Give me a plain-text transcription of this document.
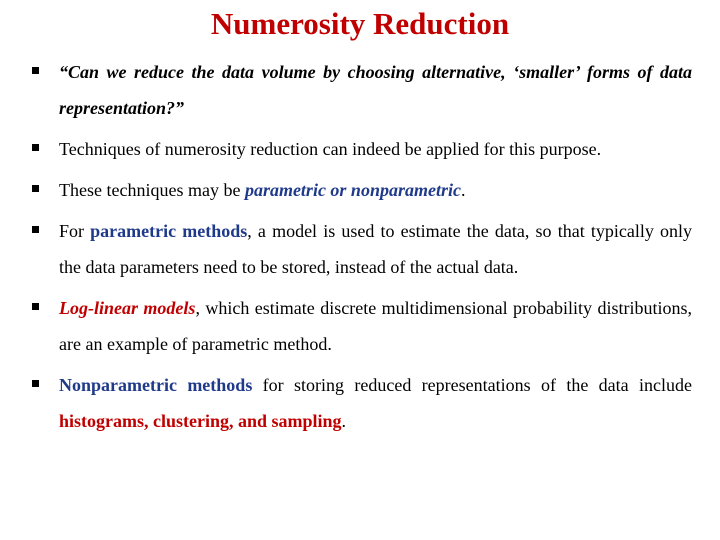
Numerosity Reduction
“Can we reduce the data volume by choosing alternative, ‘smaller’ forms of data representation?”
Techniques of numerosity reduction can indeed be applied for this purpose.
These techniques may be parametric or nonparametric.
For parametric methods, a model is used to estimate the data, so that typically only the data parameters need to be stored, instead of the actual data.
Log-linear models, which estimate discrete multidimensional probability distributions, are an example of parametric method.
Nonparametric methods for storing reduced representations of the data include histograms, clustering, and sampling.
